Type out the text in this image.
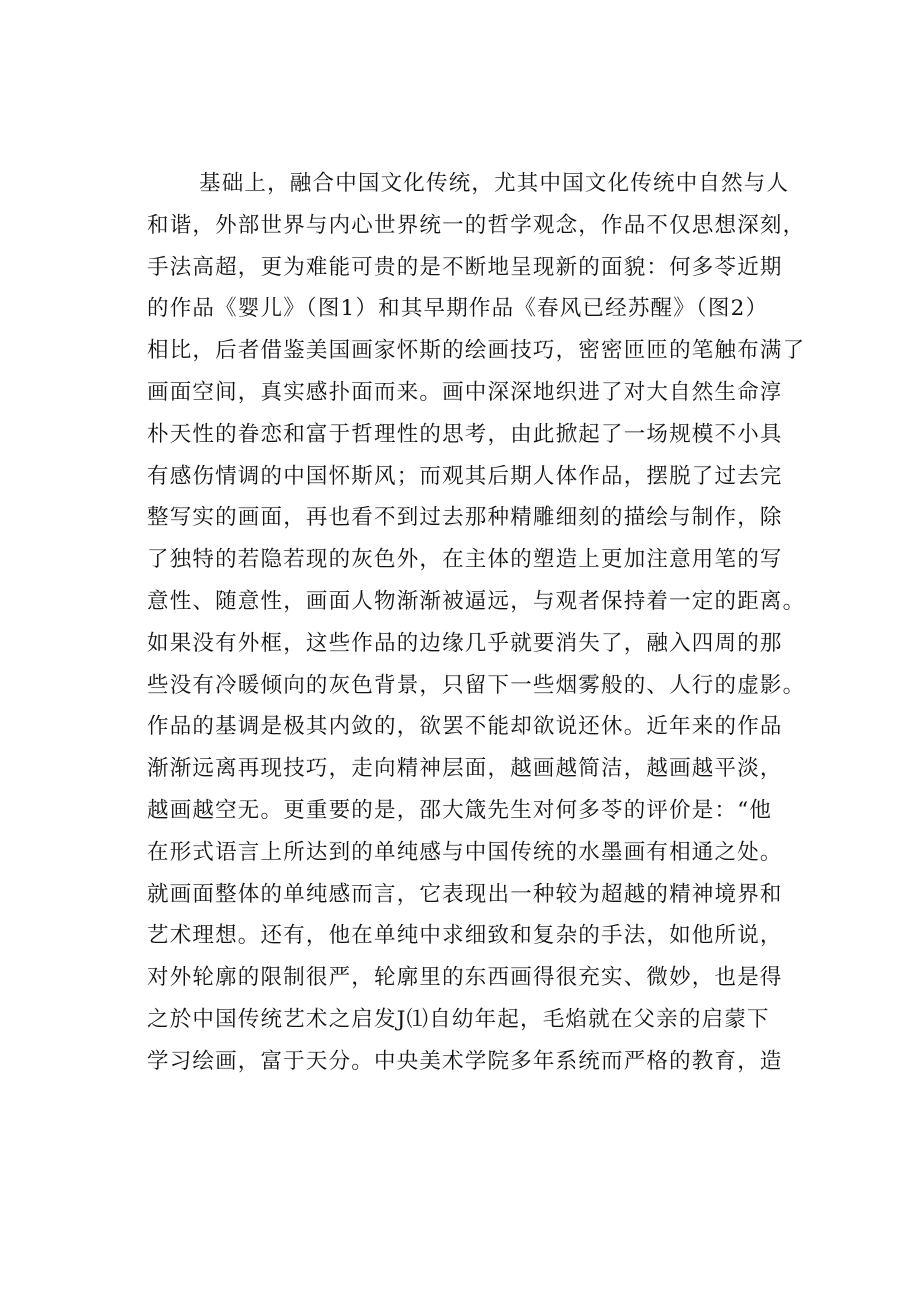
基础上，融合中国文化传统，尤其中国文化传统中自然与人
和谐，外部世界与内心世界统一的哲学观念，作品不仅思想深刻，
手法高超，更为难能可贵的是不断地呈现新的面貌：何多苓近期
的作品《婴儿》（图1）和其早期作品《春风已经苏醒》（图2）
相比，后者借鉴美国画家怀斯的绘画技巧，密密匝匝的笔触布满了
画面空间，真实感扑面而来。画中深深地织进了对大自然生命淳
朴天性的眷恋和富于哲理性的思考，由此掀起了一场规模不小具
有感伤情调的中国怀斯风；而观其后期人体作品，摆脱了过去完
整写实的画面，再也看不到过去那种精雕细刻的描绘与制作，除
了独特的若隐若现的灰色外，在主体的塑造上更加注意用笔的写
意性、随意性，画面人物渐渐被逼远，与观者保持着一定的距离。
如果没有外框，这些作品的边缘几乎就要消失了，融入四周的那
些没有冷暖倾向的灰色背景，只留下一些烟雾般的、人行的虚影。
作品的基调是极其内敛的，欲罢不能却欲说还休。近年来的作品
渐渐远离再现技巧，走向精神层面，越画越简洁，越画越平淡，
越画越空无。更重要的是，邵大箴先生对何多苓的评价是：“他
在形式语言上所达到的单纯感与中国传统的水墨画有相通之处。
就画面整体的单纯感而言，它表现出一种较为超越的精神境界和
艺术理想。还有，他在单纯中求细致和复杂的手法，如他所说，
对外轮廓的限制很严，轮廓里的东西画得很充实、微妙，也是得
之於中国传统艺术之启发J⑴自幼年起，毛焰就在父亲的启蒙下
学习绘画，富于天分。中央美术学院多年系统而严格的教育，造
